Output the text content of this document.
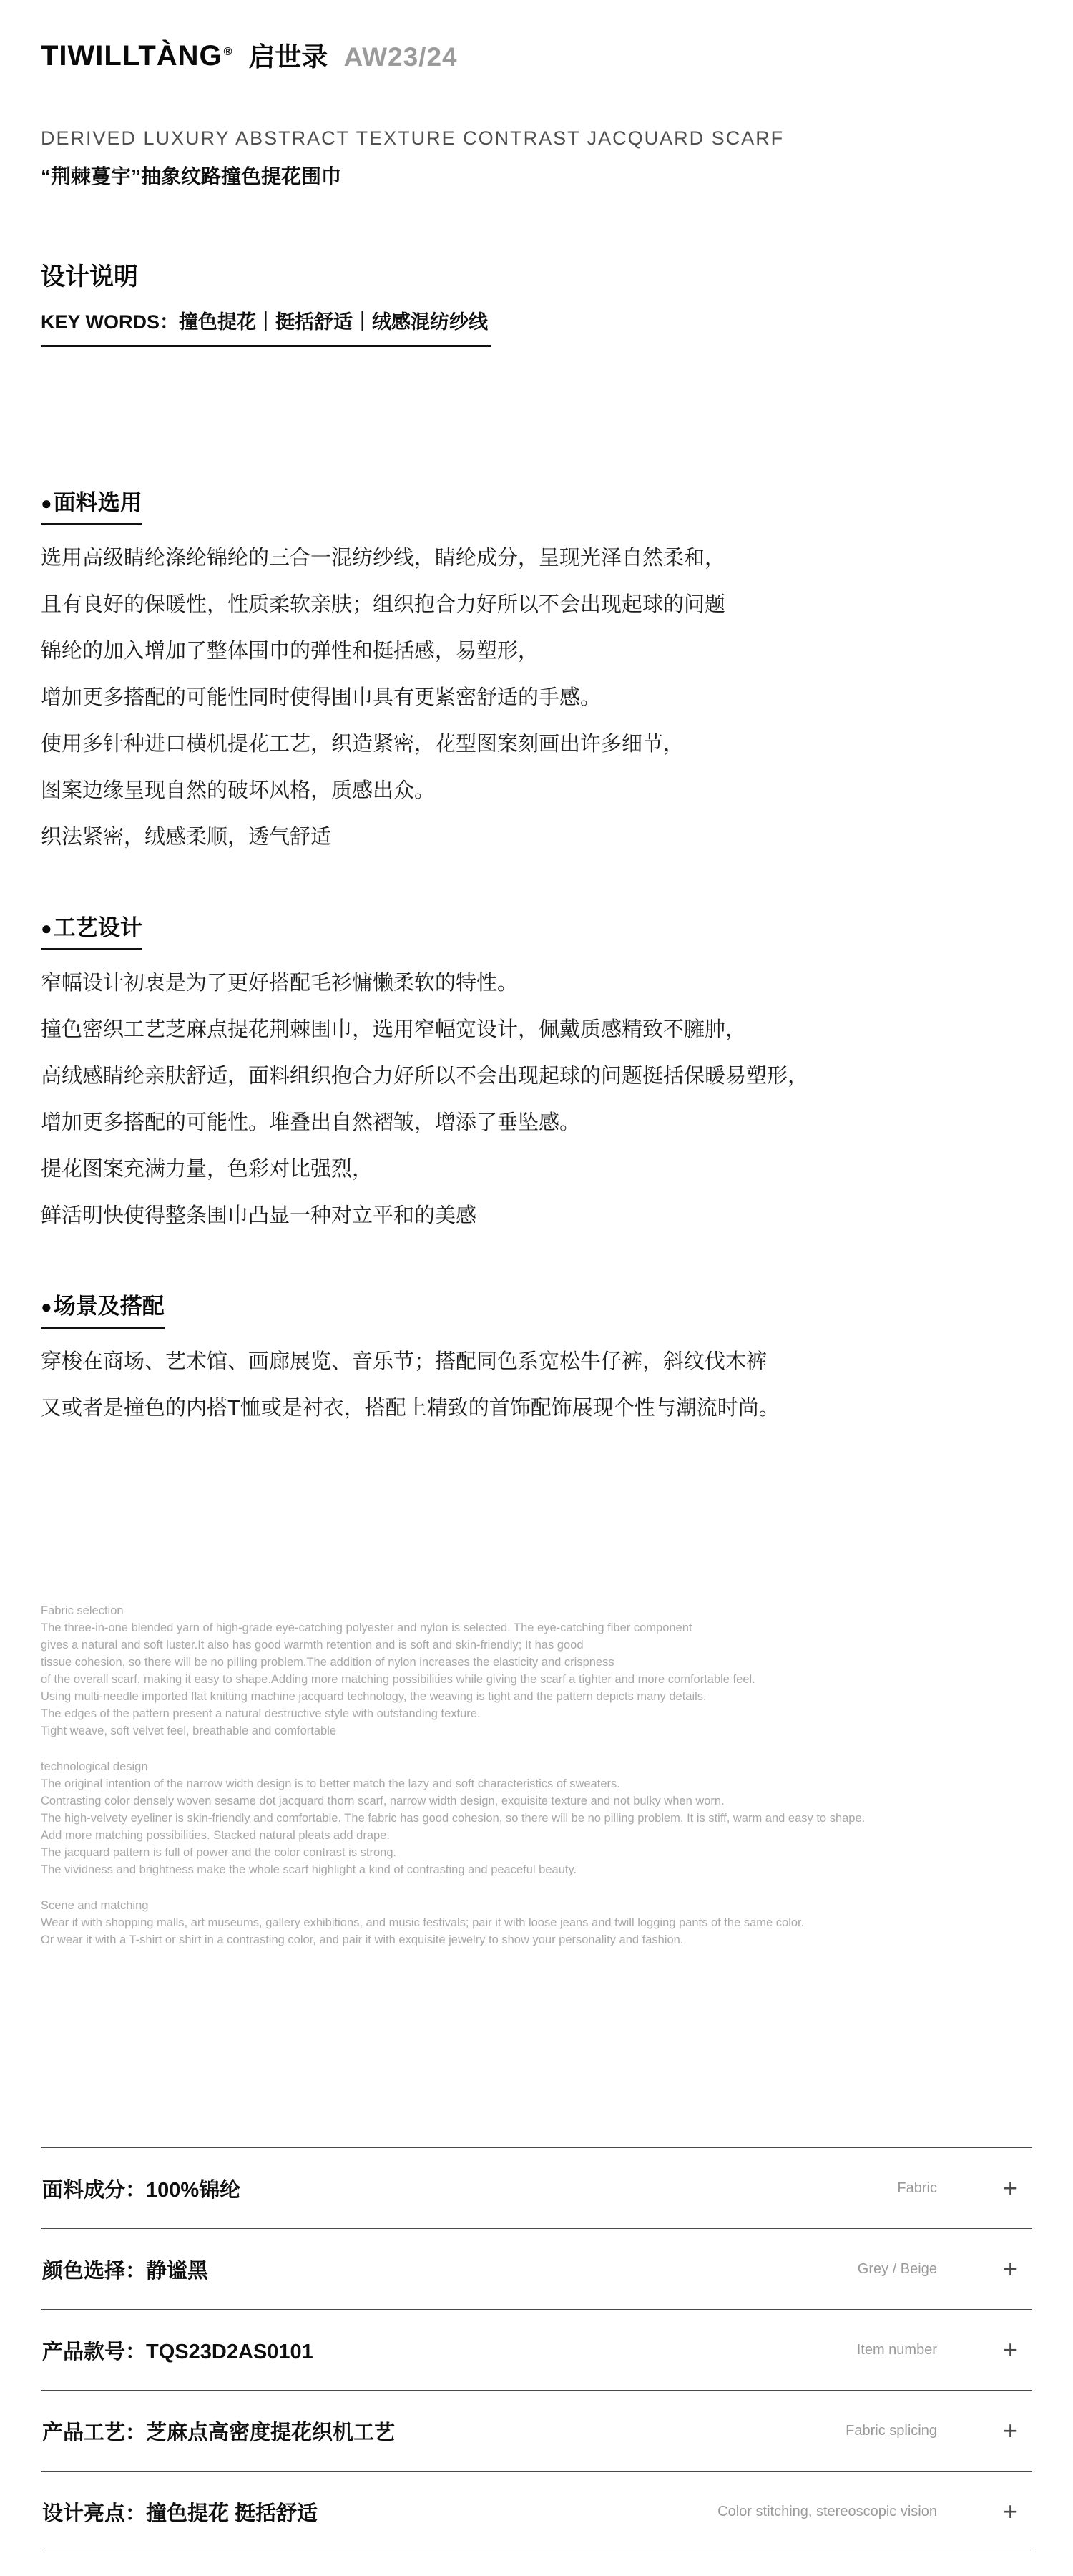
TIWILLTÀNG ® 启世录 AW23/24
DERIVED LUXURY ABSTRACT TEXTURE CONTRAST JACQUARD SCARF
“荆棘蔓宇”抽象纹路撞色提花围巾
设计说明
KEY WORDS：撞色提花｜挺括舒适｜绒感混纺纱线
●面料选用
选用高级睛纶涤纶锦纶的三合一混纺纱线，睛纶成分，呈现光泽自然柔和，
且有良好的保暖性，性质柔软亲肤；组织抱合力好所以不会出现起球的问题
锦纶的加入增加了整体围巾的弹性和挺括感，易塑形，
增加更多搭配的可能性同时使得围巾具有更紧密舒适的手感。
使用多针种进口横机提花工艺，织造紧密，花型图案刻画出许多细节，
图案边缘呈现自然的破坏风格，质感出众。
织法紧密，绒感柔顺，透气舒适
●工艺设计
窄幅设计初衷是为了更好搭配毛衫慵懒柔软的特性。
撞色密织工艺芝麻点提花荆棘围巾，选用窄幅宽设计，佩戴质感精致不臃肿，
高绒感睛纶亲肤舒适，面料组织抱合力好所以不会出现起球的问题挺括保暖易塑形，
增加更多搭配的可能性。堆叠出自然褶皱，增添了垂坠感。
提花图案充满力量，色彩对比强烈，
鲜活明快使得整条围巾凸显一种对立平和的美感
●场景及搭配
穿梭在商场、艺术馆、画廊展览、音乐节；搭配同色系宽松牛仔裤，斜纹伐木裤
又或者是撞色的内搭T恤或是衬衣，搭配上精致的首饰配饰展现个性与潮流时尚。
Fabric selection
The three-in-one blended yarn of high-grade eye-catching polyester and nylon is selected. The eye-catching fiber component
gives a natural and soft luster.It also has good warmth retention and is soft and skin-friendly; It has good
tissue cohesion, so there will be no pilling problem.The addition of nylon increases the elasticity and crispness
of the overall scarf, making it easy to shape.Adding more matching possibilities while giving the scarf a tighter and more comfortable feel.
Using multi-needle imported flat knitting machine jacquard technology, the weaving is tight and the pattern depicts many details.
The edges of the pattern present a natural destructive style with outstanding texture.
Tight weave, soft velvet feel, breathable and comfortable
technological design
The original intention of the narrow width design is to better match the lazy and soft characteristics of sweaters.
Contrasting color densely woven sesame dot jacquard thorn scarf, narrow width design, exquisite texture and not bulky when worn.
The high-velvety eyeliner is skin-friendly and comfortable. The fabric has good cohesion, so there will be no pilling problem. It is stiff, warm and easy to shape.
Add more matching possibilities. Stacked natural pleats add drape.
The jacquard pattern is full of power and the color contrast is strong.
The vividness and brightness make the whole scarf highlight a kind of contrasting and peaceful beauty.
Scene and matching
Wear it with shopping malls, art museums, gallery exhibitions, and music festivals; pair it with loose jeans and twill logging pants of the same color.
Or wear it with a T-shirt or shirt in a contrasting color, and pair it with exquisite jewelry to show your personality and fashion.
面料成分：100%锦纶	Fabric	+
颜色选择：静谧黑	Grey / Beige	+
产品款号：TQS23D2AS0101	Item number	+
产品工艺：芝麻点高密度提花织机工艺	Fabric splicing	+
设计亮点：撞色提花 挺括舒适	Color stitching, stereoscopic vision	+
